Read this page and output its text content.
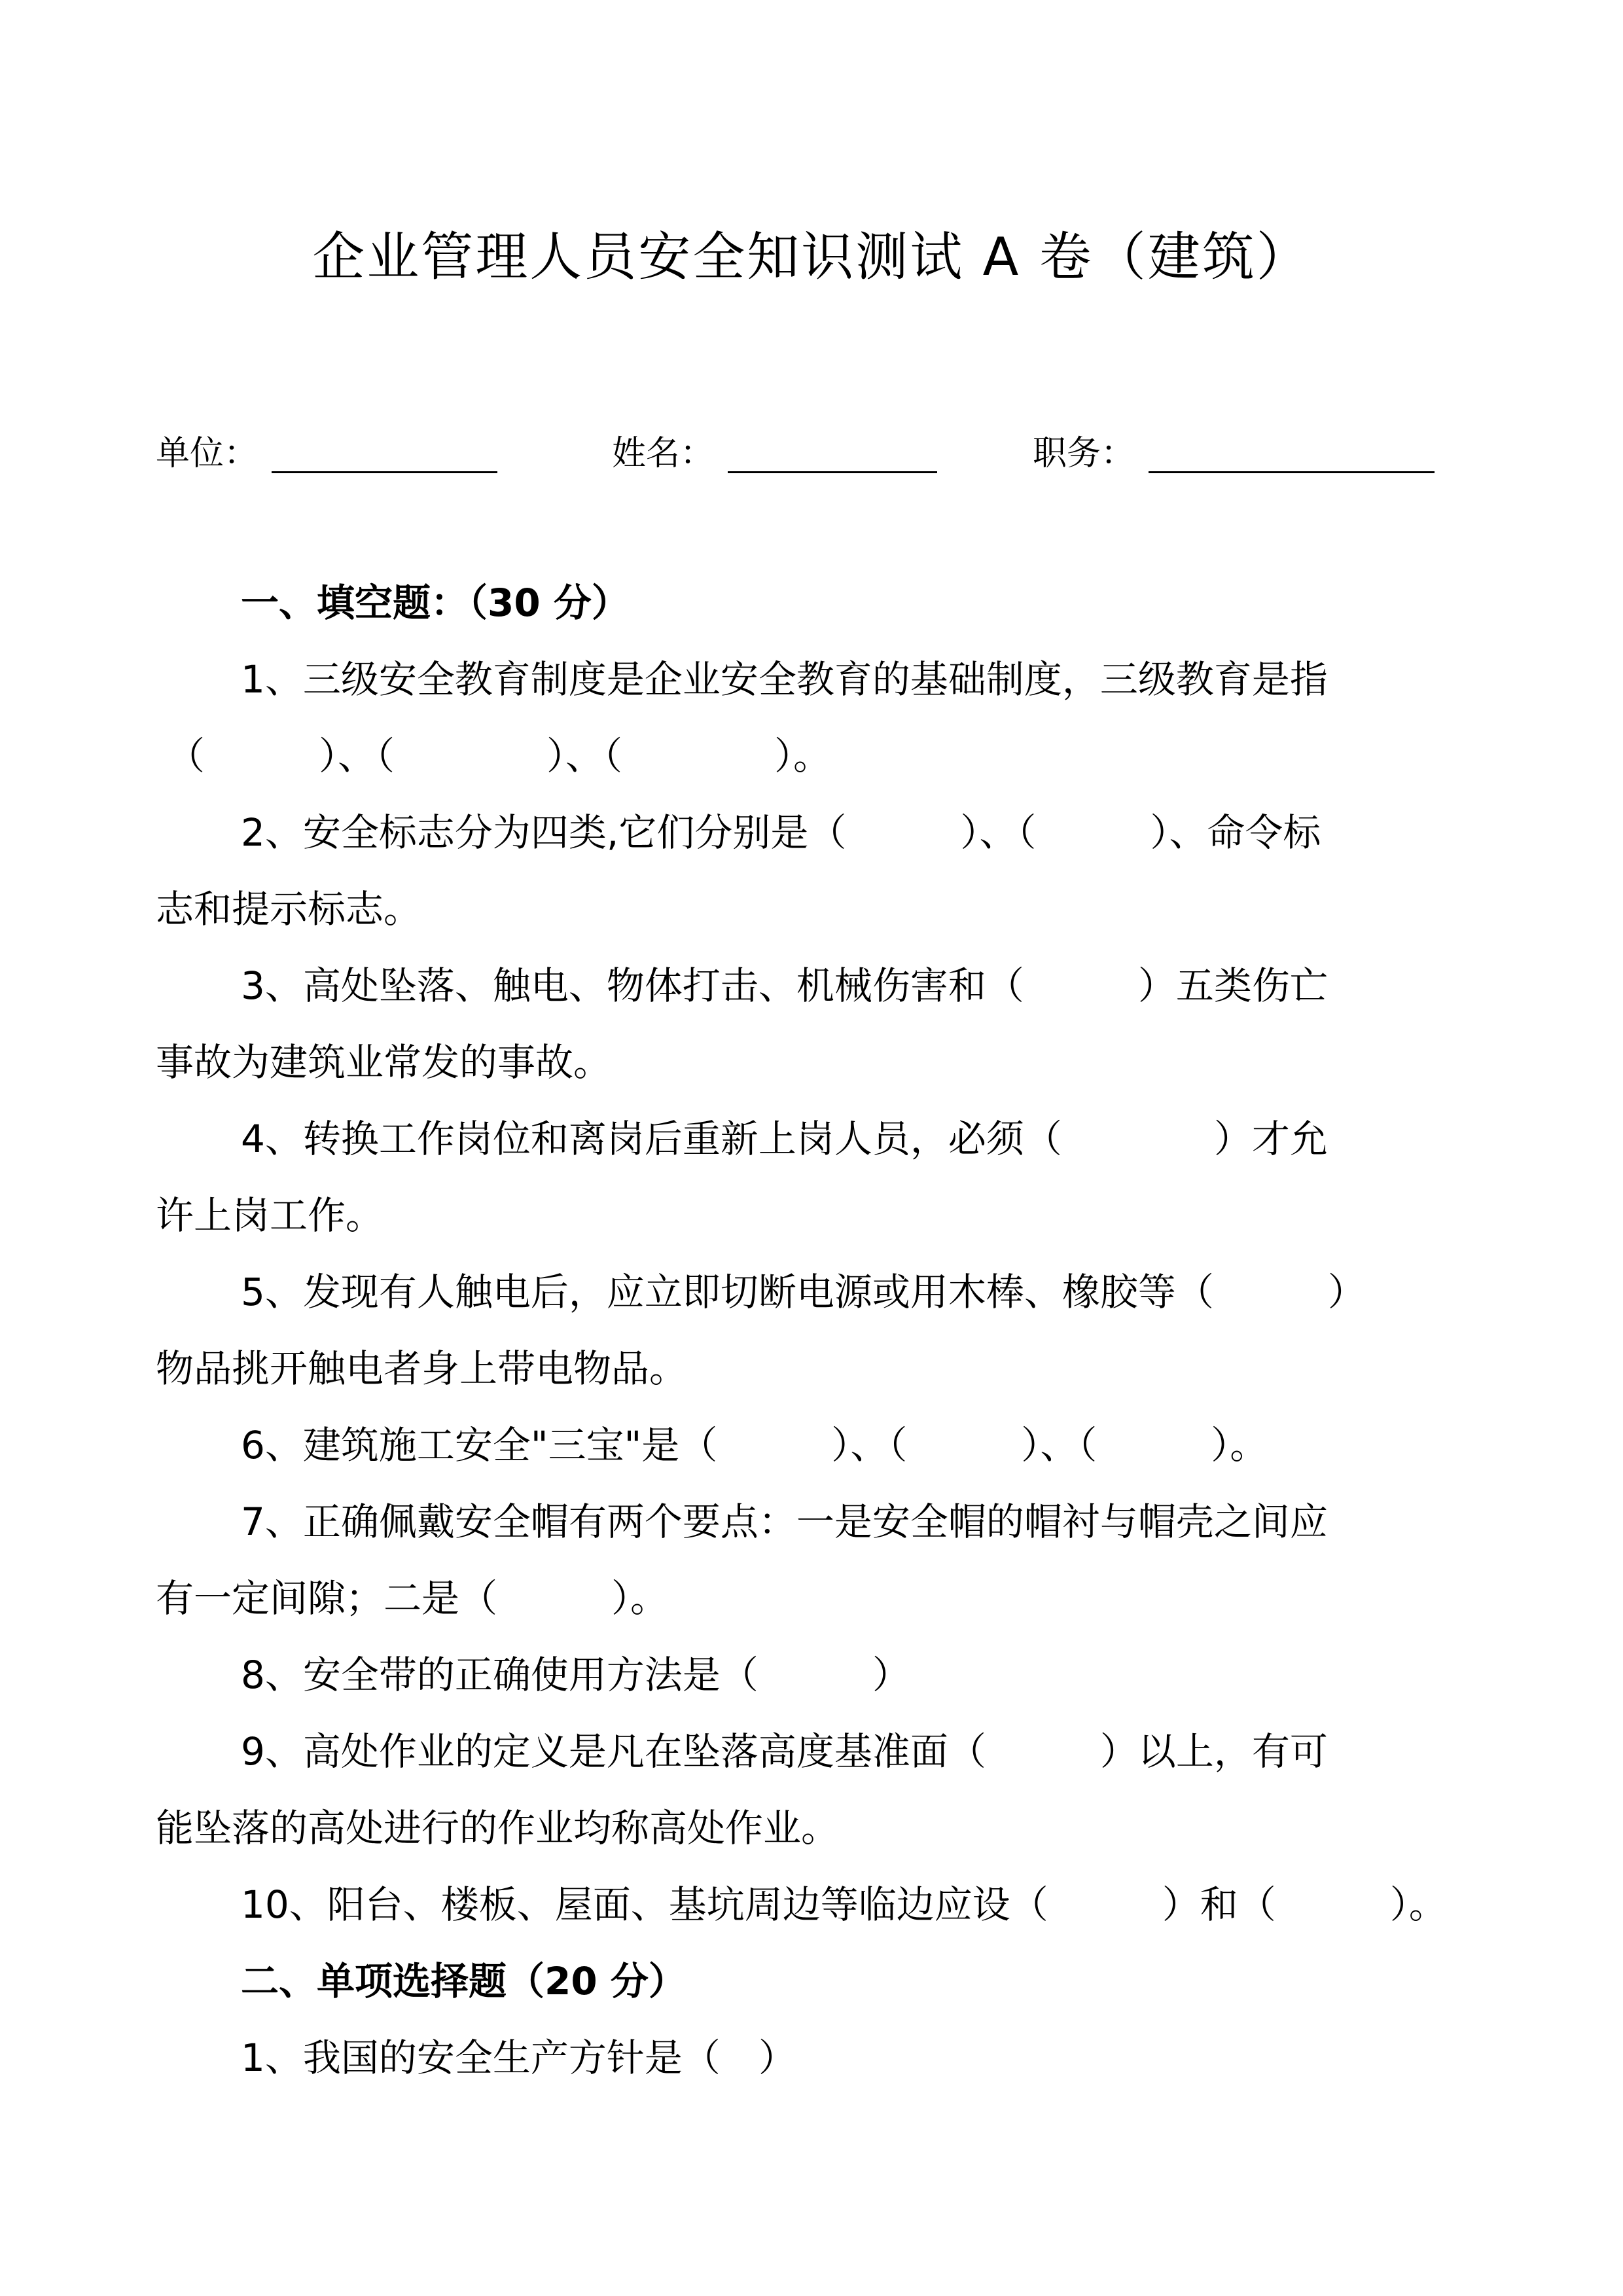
企业管理人员安全知识测试 A 卷（建筑）
单位：	姓名：	职务：
一、填空题：（30 分）
1、三级安全教育制度是企业安全教育的基础制度，三级教育是指
（　　　）、（　　　　）、（　　　　）。
2、安全标志分为四类,它们分别是（　　　）、（　　　）、命令标
志和提示标志。
3、高处坠落、触电、物体打击、机械伤害和（　　　）五类伤亡
事故为建筑业常发的事故。
4、转换工作岗位和离岗后重新上岗人员，必须（　　　　）才允
许上岗工作。
5、发现有人触电后，应立即切断电源或用木棒、橡胶等（　　　）
物品挑开触电者身上带电物品。
6、建筑施工安全"三宝"是（　　　）、（　　　）、（　　　）。
7、正确佩戴安全帽有两个要点：一是安全帽的帽衬与帽壳之间应
有一定间隙；二是（　　　）。
8、安全带的正确使用方法是（　　　）
9、高处作业的定义是凡在坠落高度基准面（　　　）以上，有可
能坠落的高处进行的作业均称高处作业。
10、阳台、楼板、屋面、基坑周边等临边应设（　　　）和（　　　）。
二、单项选择题（20 分）
1、我国的安全生产方针是（　）
